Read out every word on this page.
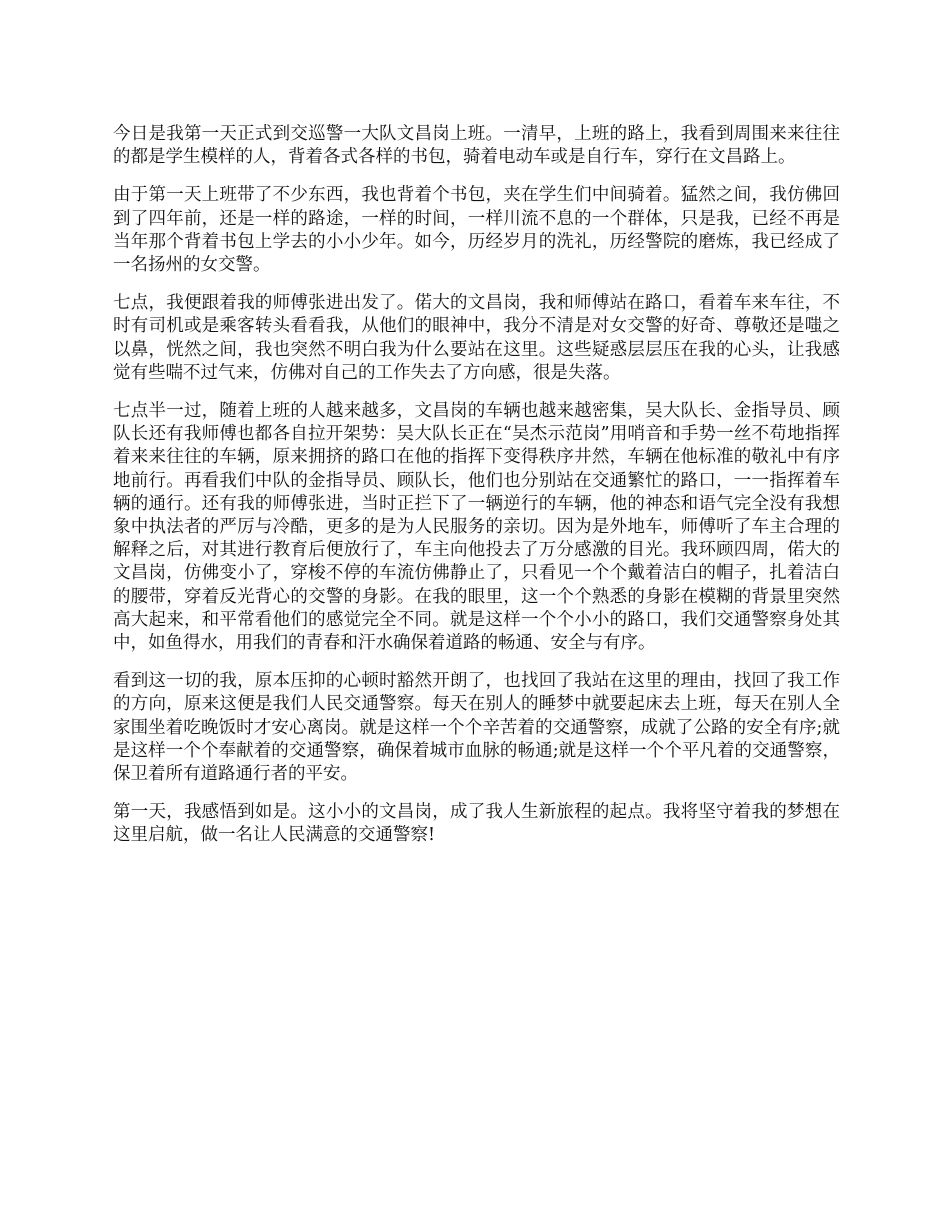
今日是我第一天正式到交巡警一大队文昌岗上班。一清早，上班的路上，我看到周围来来往往的都是学生模样的人，背着各式各样的书包，骑着电动车或是自行车，穿行在文昌路上。

由于第一天上班带了不少东西，我也背着个书包，夹在学生们中间骑着。猛然之间，我仿佛回到了四年前，还是一样的路途，一样的时间，一样川流不息的一个群体，只是我，已经不再是当年那个背着书包上学去的小小少年。如今，历经岁月的洗礼，历经警院的磨炼，我已经成了一名扬州的女交警。

七点，我便跟着我的师傅张进出发了。偌大的文昌岗，我和师傅站在路口，看着车来车往，不时有司机或是乘客转头看看我，从他们的眼神中，我分不清是对女交警的好奇、尊敬还是嗤之以鼻，恍然之间，我也突然不明白我为什么要站在这里。这些疑惑层层压在我的心头，让我感觉有些喘不过气来，仿佛对自己的工作失去了方向感，很是失落。

七点半一过，随着上班的人越来越多，文昌岗的车辆也越来越密集，吴大队长、金指导员、顾队长还有我师傅也都各自拉开架势：吴大队长正在“吴杰示范岗”用哨音和手势一丝不苟地指挥着来来往往的车辆，原来拥挤的路口在他的指挥下变得秩序井然，车辆在他标准的敬礼中有序地前行。再看我们中队的金指导员、顾队长，他们也分别站在交通繁忙的路口，一一指挥着车辆的通行。还有我的师傅张进，当时正拦下了一辆逆行的车辆，他的神态和语气完全没有我想象中执法者的严厉与冷酷，更多的是为人民服务的亲切。因为是外地车，师傅听了车主合理的解释之后，对其进行教育后便放行了，车主向他投去了万分感激的目光。我环顾四周，偌大的文昌岗，仿佛变小了，穿梭不停的车流仿佛静止了，只看见一个个戴着洁白的帽子，扎着洁白的腰带，穿着反光背心的交警的身影。在我的眼里，这一个个熟悉的身影在模糊的背景里突然高大起来，和平常看他们的感觉完全不同。就是这样一个个小小的路口，我们交通警察身处其中，如鱼得水，用我们的青春和汗水确保着道路的畅通、安全与有序。

看到这一切的我，原本压抑的心顿时豁然开朗了，也找回了我站在这里的理由，找回了我工作的方向，原来这便是我们人民交通警察。每天在别人的睡梦中就要起床去上班，每天在别人全家围坐着吃晚饭时才安心离岗。就是这样一个个辛苦着的交通警察，成就了公路的安全有序;就是这样一个个奉献着的交通警察，确保着城市血脉的畅通;就是这样一个个平凡着的交通警察，保卫着所有道路通行者的平安。

第一天，我感悟到如是。这小小的文昌岗，成了我人生新旅程的起点。我将坚守着我的梦想在这里启航，做一名让人民满意的交通警察!
